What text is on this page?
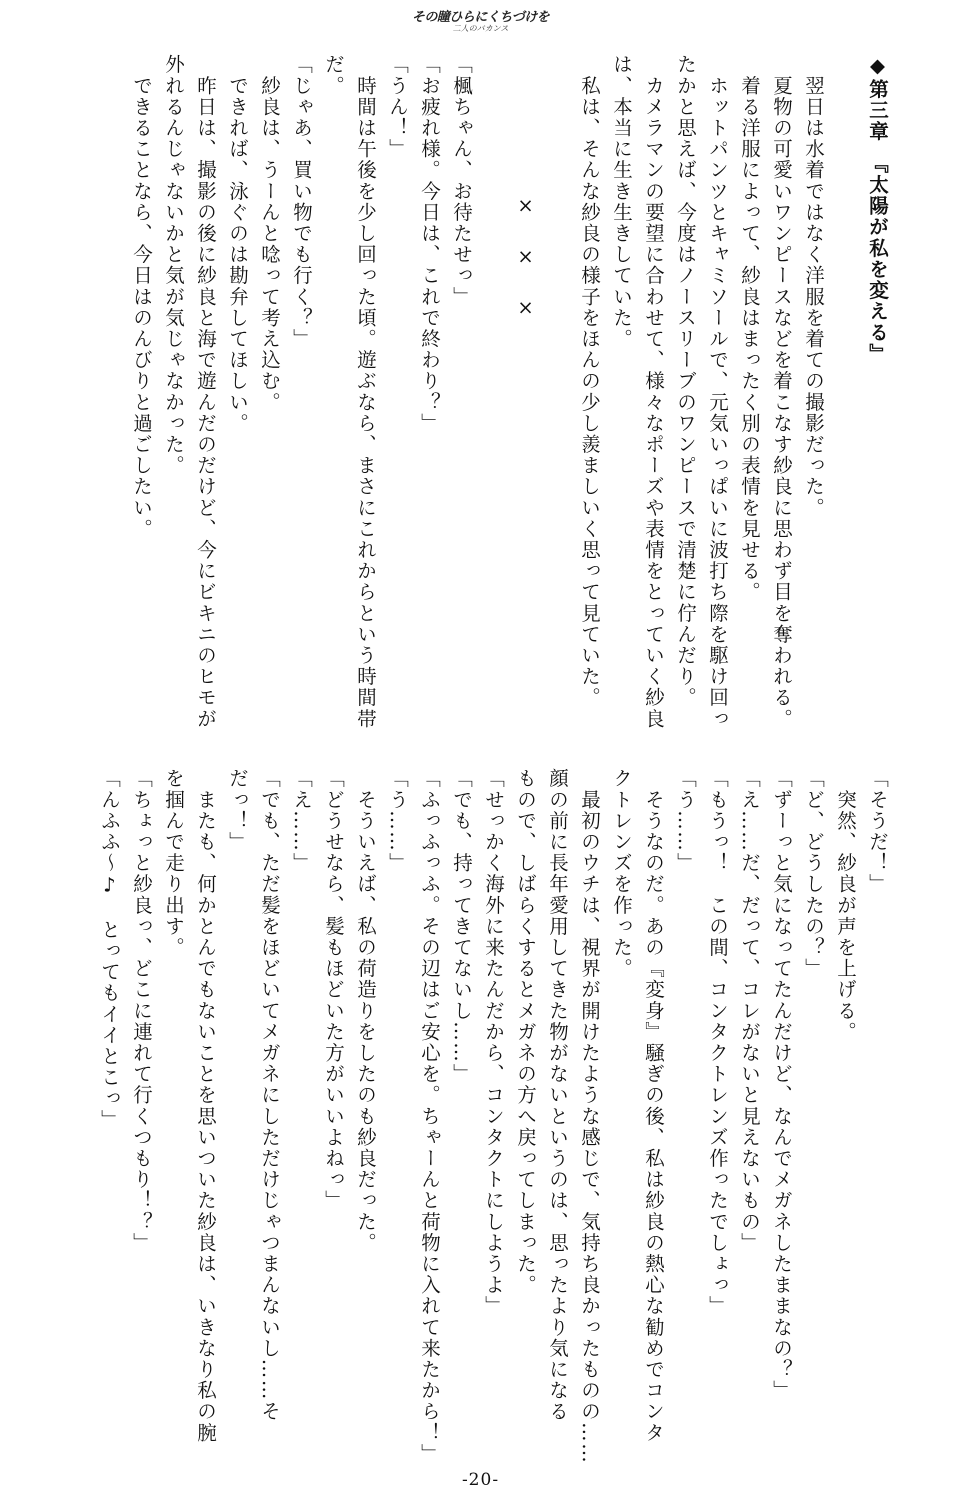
その瞳ひらにくちづけを
二人のバカンス
◆第三章　『太陽が私を変える』
　翌日は水着ではなく洋服を着ての撮影だった。
　夏物の可愛いワンピースなどを着こなす紗良に思わず目を奪われる。
　着る洋服によって、紗良はまったく別の表情を見せる。
　ホットパンツとキャミソールで、元気いっぱいに波打ち際を駆け回っ
たかと思えば、今度はノースリーブのワンピースで清楚に佇んだり。
　カメラマンの要望に合わせて、様々なポーズや表情をとっていく紗良
は、本当に生き生きしていた。
　私は、そんな紗良の様子をほんの少し羨ましいく思って見ていた。
×××
「楓ちゃん、お待たせっ」
「お疲れ様。今日は、これで終わり？」
「うん！」
　時間は午後を少し回った頃。遊ぶなら、まさにこれからという時間帯
だ。
「じゃあ、買い物でも行く？」
　紗良は、うーんと唸って考え込む。
　できれば、泳ぐのは勘弁してほしい。
　昨日は、撮影の後に紗良と海で遊んだのだけど、今にビキニのヒモが
外れるんじゃないかと気が気じゃなかった。
　できることなら、今日はのんびりと過ごしたい。
「そうだ！」
　突然、紗良が声を上げる。
「ど、どうしたの？」
「ずーっと気になってたんだけど、なんでメガネしたままなの？」
「え……だ、だって、コレがないと見えないもの」
「もうっ！　この間、コンタクトレンズ作ったでしょっ」
「う……」
　そうなのだ。あの『変身』騒ぎの後、私は紗良の熱心な勧めでコンタ
クトレンズを作った。
　最初のウチは、視界が開けたような感じで、気持ち良かったものの……
顔の前に長年愛用してきた物がないというのは、思ったより気になる
もので、しばらくするとメガネの方へ戻ってしまった。
「せっかく海外に来たんだから、コンタクトにしようよ」
「でも、持ってきてないし……」
「ふっふっふ。その辺はご安心を。ちゃーんと荷物に入れて来たから！」
「う……」
　そういえば、私の荷造りをしたのも紗良だった。
「どうせなら、髪もほどいた方がいいよねっ」
「え……」
「でも、ただ髪をほどいてメガネにしただけじゃつまんないし……そ
だっ！」
　またも、何かとんでもないことを思いついた紗良は、いきなり私の腕
を掴んで走り出す。
「ちょっと紗良っ、どこに連れて行くつもり！？」
「んふふ～♪　とってもイイとこっ」
-20-
